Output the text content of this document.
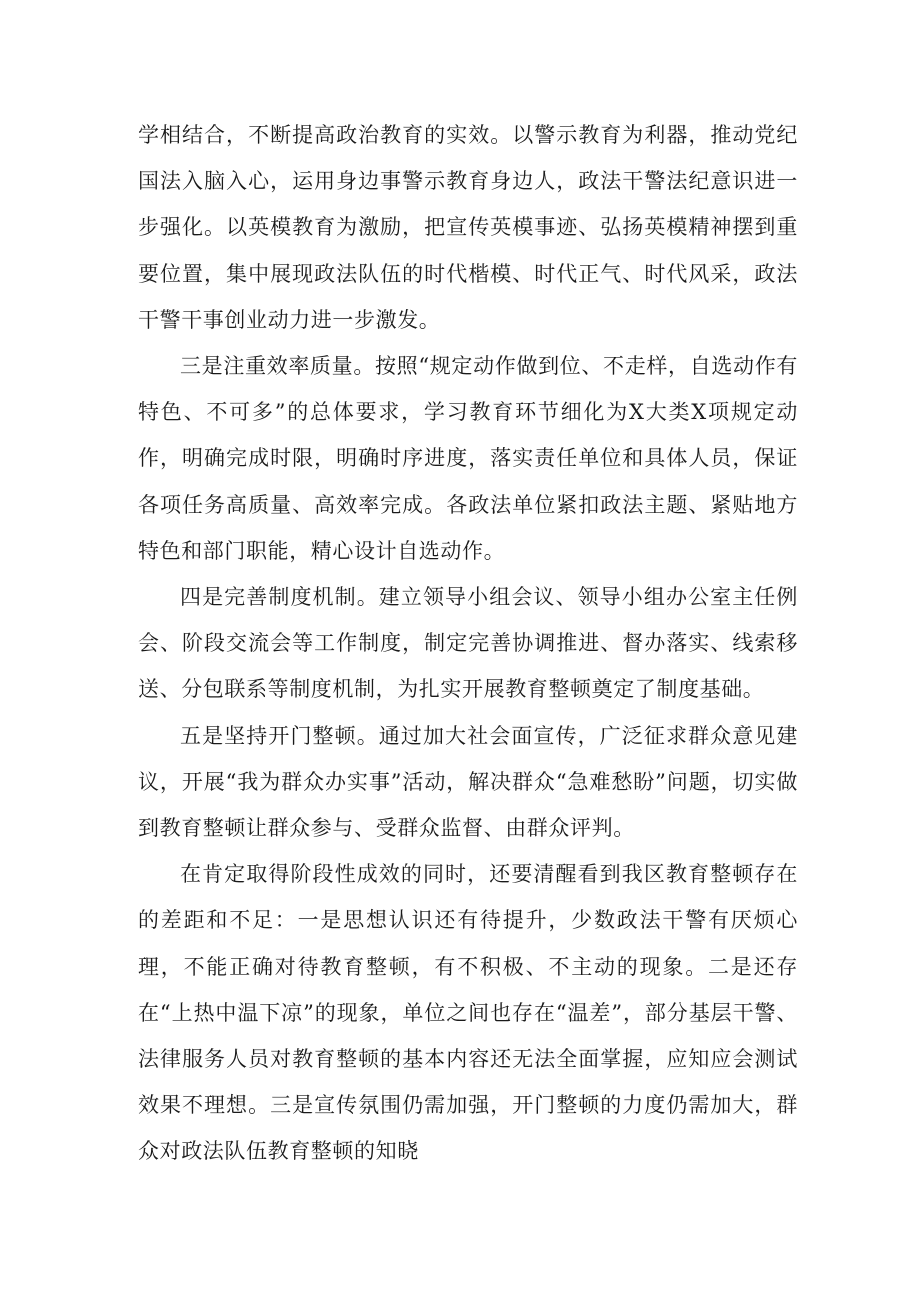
学相结合，不断提高政治教育的实效。以警示教育为利器，推动党纪国法入脑入心，运用身边事警示教育身边人，政法干警法纪意识进一步强化。以英模教育为激励，把宣传英模事迹、弘扬英模精神摆到重要位置，集中展现政法队伍的时代楷模、时代正气、时代风采，政法干警干事创业动力进一步激发。

三是注重效率质量。按照“规定动作做到位、不走样，自选动作有特色、不可多”的总体要求，学习教育环节细化为X大类X项规定动作，明确完成时限，明确时序进度，落实责任单位和具体人员，保证各项任务高质量、高效率完成。各政法单位紧扣政法主题、紧贴地方特色和部门职能，精心设计自选动作。

四是完善制度机制。建立领导小组会议、领导小组办公室主任例会、阶段交流会等工作制度，制定完善协调推进、督办落实、线索移送、分包联系等制度机制，为扎实开展教育整顿奠定了制度基础。

五是坚持开门整顿。通过加大社会面宣传，广泛征求群众意见建议，开展“我为群众办实事”活动，解决群众“急难愁盼”问题，切实做到教育整顿让群众参与、受群众监督、由群众评判。

在肯定取得阶段性成效的同时，还要清醒看到我区教育整顿存在的差距和不足：一是思想认识还有待提升，少数政法干警有厌烦心理，不能正确对待教育整顿，有不积极、不主动的现象。二是还存在“上热中温下凉”的现象，单位之间也存在“温差”，部分基层干警、法律服务人员对教育整顿的基本内容还无法全面掌握，应知应会测试效果不理想。三是宣传氛围仍需加强，开门整顿的力度仍需加大，群众对政法队伍教育整顿的知晓
